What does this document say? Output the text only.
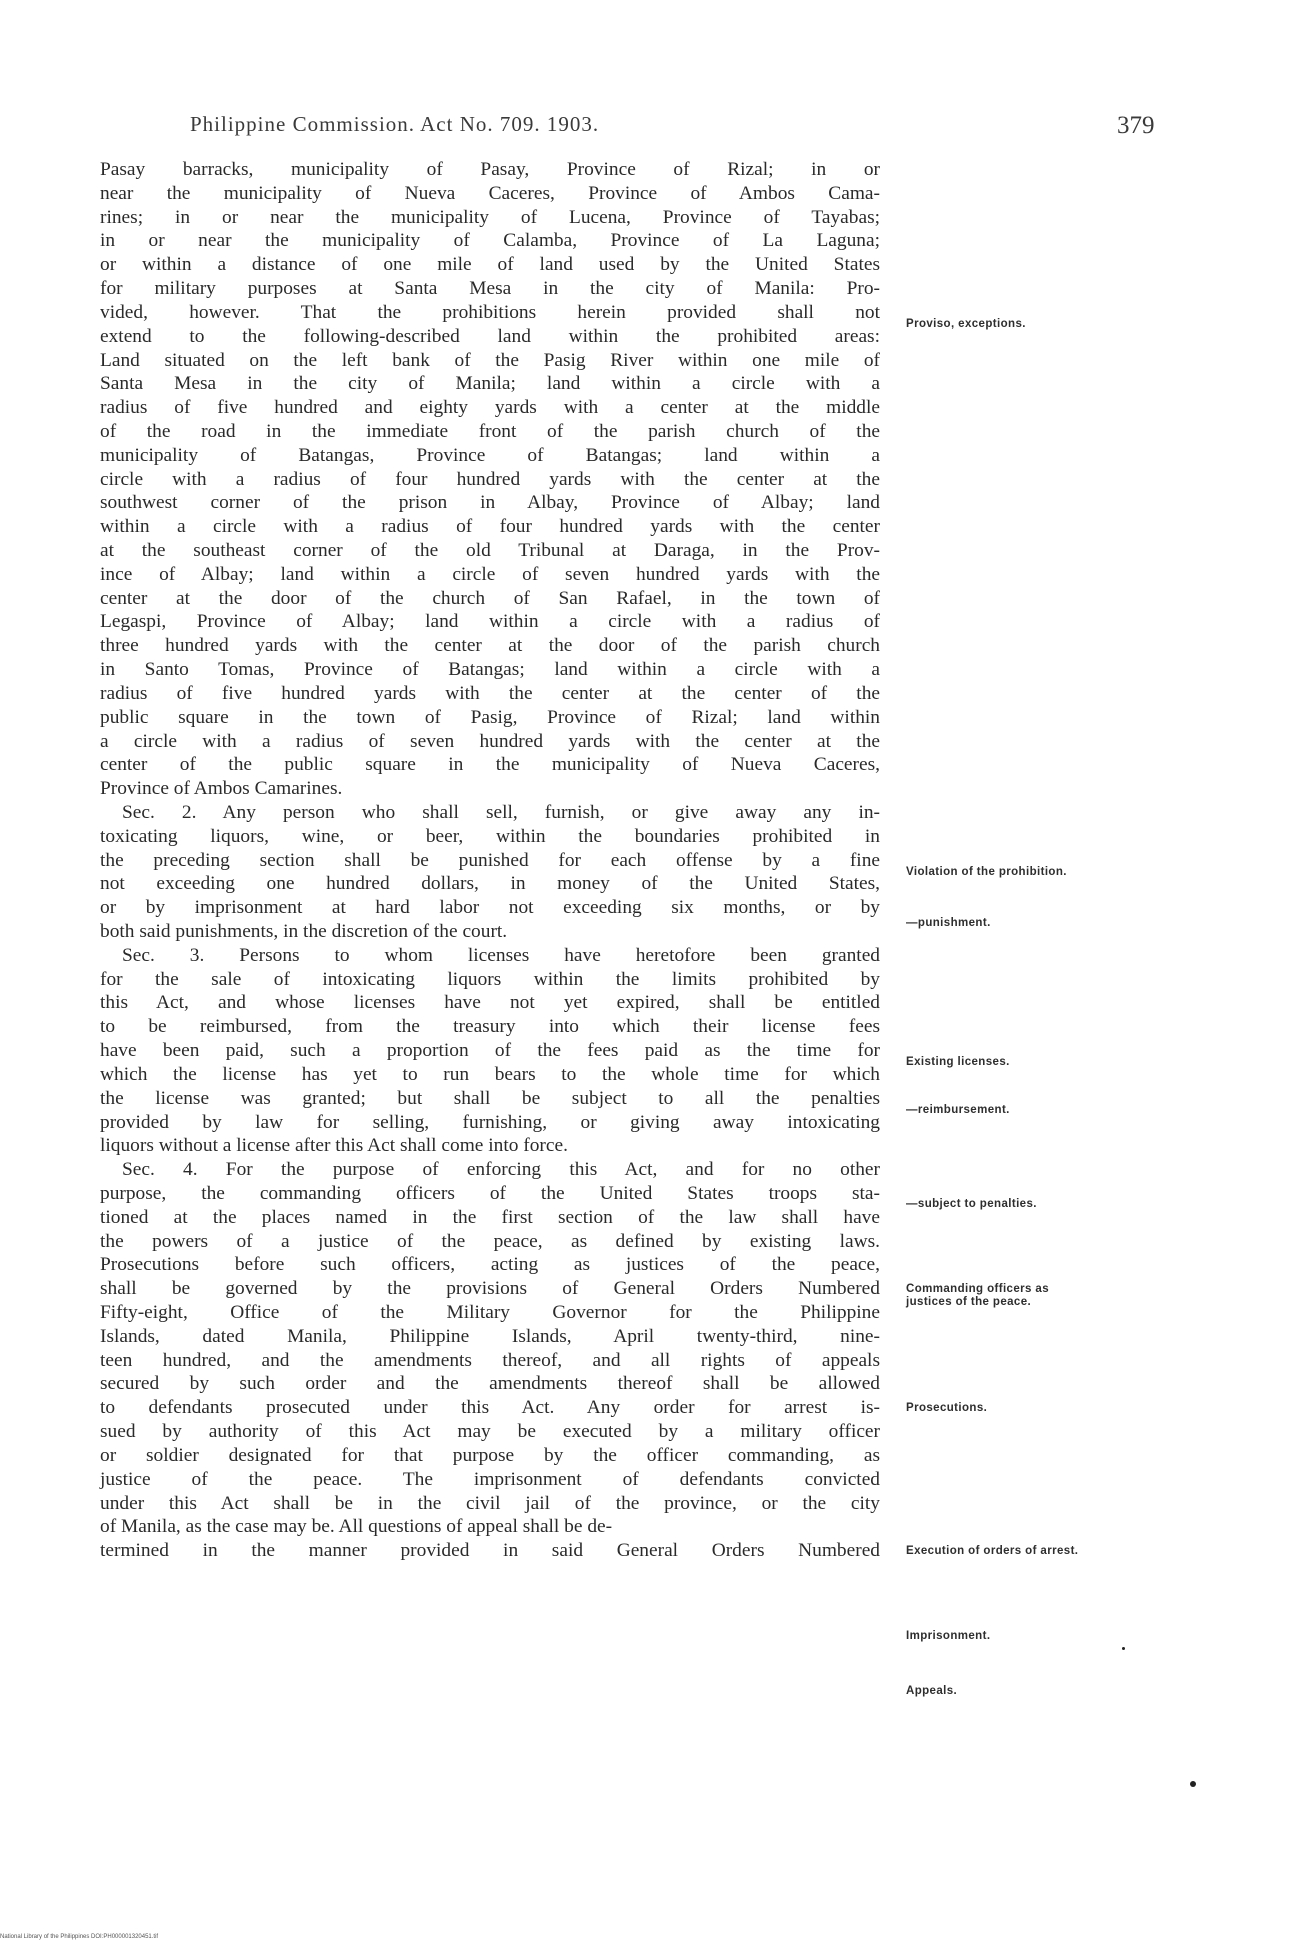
Philippine Commission. Act No. 709. 1903.	379
Pasay barracks, municipality of Pasay, Province of Rizal; in or
near the municipality of Nueva Caceres, Province of Ambos Cama-
rines; in or near the municipality of Lucena, Province of Tayabas;
in or near the municipality of Calamba, Province of La Laguna;
or within a distance of one mile of land used by the United States
for military purposes at Santa Mesa in the city of Manila: Pro-
vided, however. That the prohibitions herein provided shall not
extend to the following-described land within the prohibited areas:
Land situated on the left bank of the Pasig River within one mile of
Santa Mesa in the city of Manila; land within a circle with a
radius of five hundred and eighty yards with a center at the middle
of the road in the immediate front of the parish church of the
municipality of Batangas, Province of Batangas; land within a
circle with a radius of four hundred yards with the center at the
southwest corner of the prison in Albay, Province of Albay; land
within a circle with a radius of four hundred yards with the center
at the southeast corner of the old Tribunal at Daraga, in the Prov-
ince of Albay; land within a circle of seven hundred yards with the
center at the door of the church of San Rafael, in the town of
Legaspi, Province of Albay; land within a circle with a radius of
three hundred yards with the center at the door of the parish church
in Santo Tomas, Province of Batangas; land within a circle with a
radius of five hundred yards with the center at the center of the
public square in the town of Pasig, Province of Rizal; land within
a circle with a radius of seven hundred yards with the center at the
center of the public square in the municipality of Nueva Caceres,
Province of Ambos Camarines.
Sec. 2. Any person who shall sell, furnish, or give away any in-
toxicating liquors, wine, or beer, within the boundaries prohibited in
the preceding section shall be punished for each offense by a fine
not exceeding one hundred dollars, in money of the United States,
or by imprisonment at hard labor not exceeding six months, or by
both said punishments, in the discretion of the court.
Sec. 3. Persons to whom licenses have heretofore been granted
for the sale of intoxicating liquors within the limits prohibited by
this Act, and whose licenses have not yet expired, shall be entitled
to be reimbursed, from the treasury into which their license fees
have been paid, such a proportion of the fees paid as the time for
which the license has yet to run bears to the whole time for which
the license was granted; but shall be subject to all the penalties
provided by law for selling, furnishing, or giving away intoxicating
liquors without a license after this Act shall come into force.
Sec. 4. For the purpose of enforcing this Act, and for no other
purpose, the commanding officers of the United States troops sta-
tioned at the places named in the first section of the law shall have
the powers of a justice of the peace, as defined by existing laws.
Prosecutions before such officers, acting as justices of the peace,
shall be governed by the provisions of General Orders Numbered
Fifty-eight, Office of the Military Governor for the Philippine
Islands, dated Manila, Philippine Islands, April twenty-third, nine-
teen hundred, and the amendments thereof, and all rights of appeals
secured by such order and the amendments thereof shall be allowed
to defendants prosecuted under this Act. Any order for arrest is-
sued by authority of this Act may be executed by a military officer
or soldier designated for that purpose by the officer commanding, as
justice of the peace. The imprisonment of defendants convicted
under this Act shall be in the civil jail of the province, or the city
of Manila, as the case may be. All questions of appeal shall be de-
termined in the manner provided in said General Orders Numbered
Proviso, exceptions.
Violation of the prohibition.
—punishment.
Existing licenses.
—reimbursement.
—subject to penalties.
Commanding officers as justices of the peace.
Prosecutions.
Execution of orders of arrest.
Imprisonment.
Appeals.
National Library of the Philippines DOI:PH000001320451.tif
